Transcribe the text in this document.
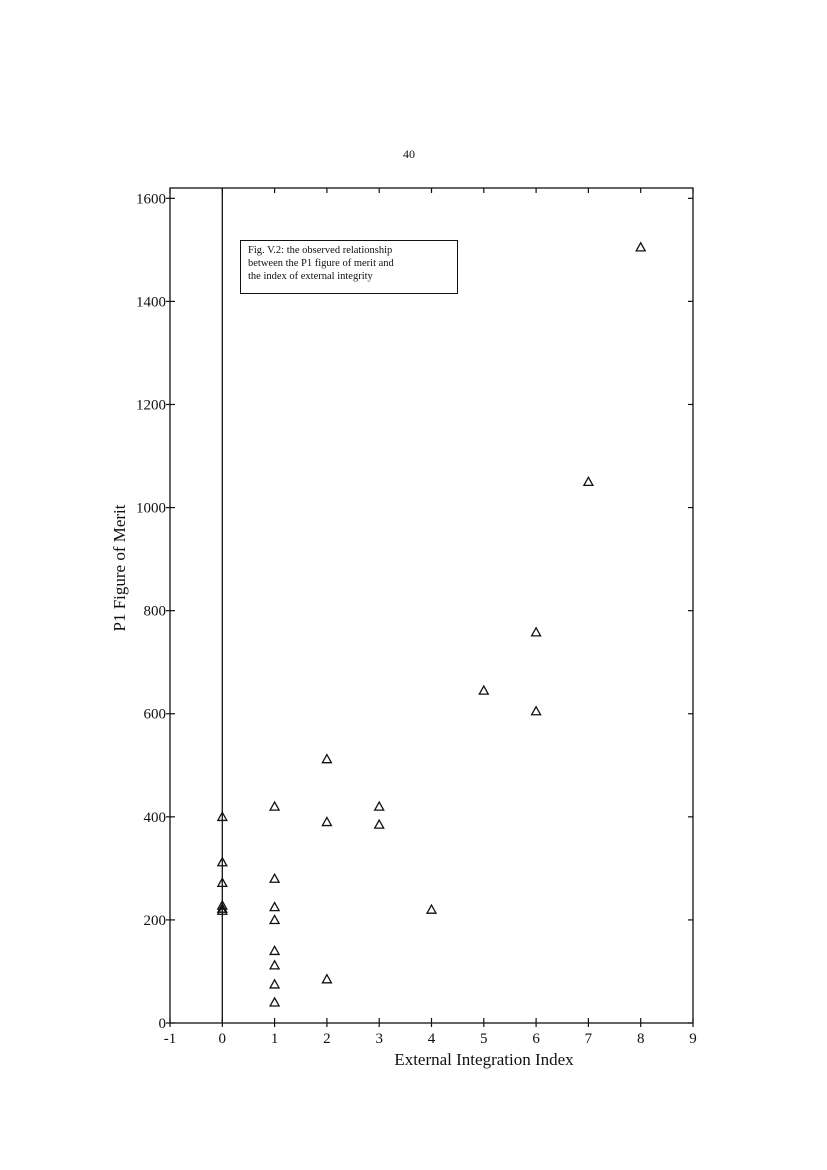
40
0
200
400
600
800
1000
1200
1400
1600
-1	0	1	2	3	4	5	6	7	8	9
External Integration Index
P1 Figure of Merit
Fig. V.2: the observed relationship
between the P1 figure of merit and
the index of external integrity
